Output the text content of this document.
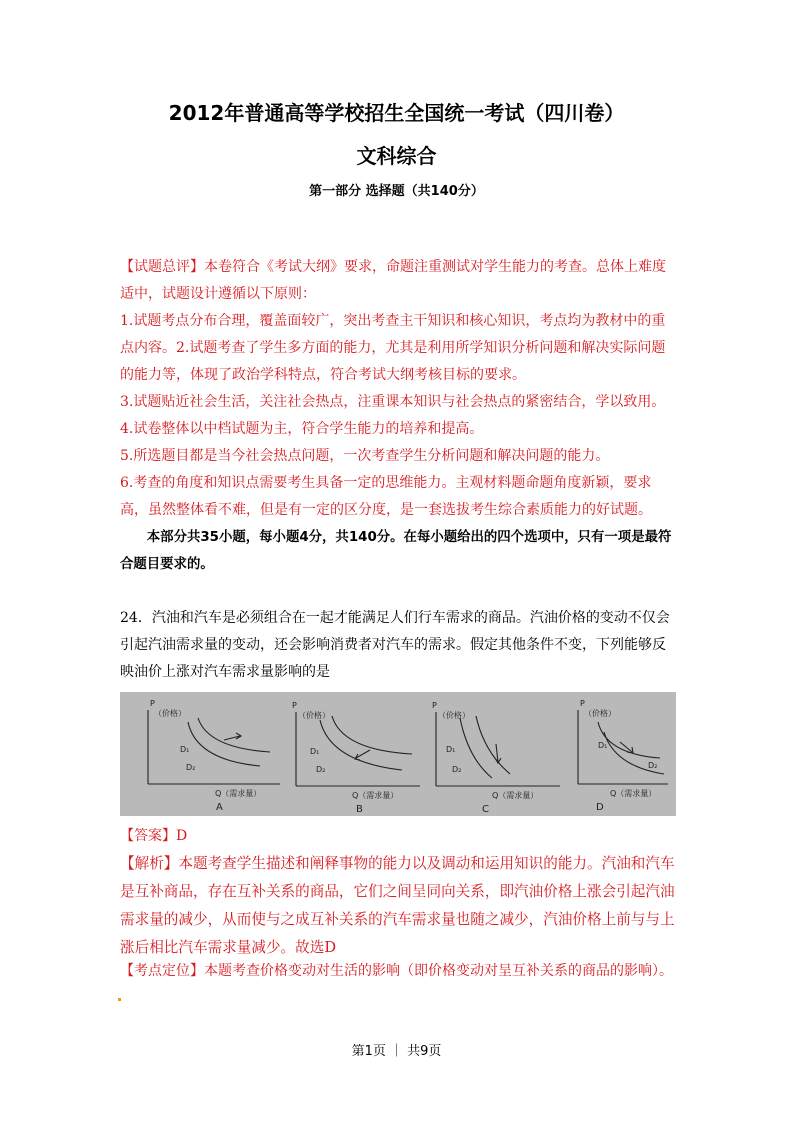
2012年普通高等学校招生全国统一考试（四川卷）
文科综合
第一部分 选择题（共140分）

【试题总评】本卷符合《考试大纲》要求，命题注重测试对学生能力的考查。总体上难度适中，试题设计遵循以下原则：

1.试题考点分布合理，覆盖面较广，突出考查主干知识和核心知识，考点均为教材中的重点内容。2.试题考查了学生多方面的能力，尤其是利用所学知识分析问题和解决实际问题的能力等，体现了政治学科特点，符合考试大纲考核目标的要求。

3.试题贴近社会生活，关注社会热点，注重课本知识与社会热点的紧密结合，学以致用。

4.试卷整体以中档试题为主，符合学生能力的培养和提高。

5.所选题目都是当今社会热点问题，一次考查学生分析问题和解决问题的能力。

6.考查的角度和知识点需要考生具备一定的思维能力。主观材料题命题角度新颖，要求高，虽然整体看不难，但是有一定的区分度，是一套选拔考生综合素质能力的好试题。

本部分共35小题，每小题4分，共140分。在每小题给出的四个选项中，只有一项是最符合题目要求的。

24．汽油和汽车是必须组合在一起才能满足人们行车需求的商品。汽油价格的变动不仅会引起汽油需求量的变动，还会影响消费者对汽车的需求。假定其他条件不变，下列能够反映油价上涨对汽车需求量影响的是

P
（价格）
D₁
D₂
Q（需求量）
P
（价格）
D₁
D₂
Q（需求量）
P
（价格）
D₁
D₂
Q（需求量）
P
（价格）
D₁
D₂
Q（需求量）
A	B	C	D

【答案】D

【解析】本题考查学生描述和阐释事物的能力以及调动和运用知识的能力。汽油和汽车是互补商品，存在互补关系的商品，它们之间呈同向关系，即汽油价格上涨会引起汽油需求量的减少，从而使与之成互补关系的汽车需求量也随之减少，汽油价格上前与与上涨后相比汽车需求量减少。故选D

【考点定位】本题考查价格变动对生活的影响（即价格变动对呈互补关系的商品的影响）。

第1页 ｜ 共9页
